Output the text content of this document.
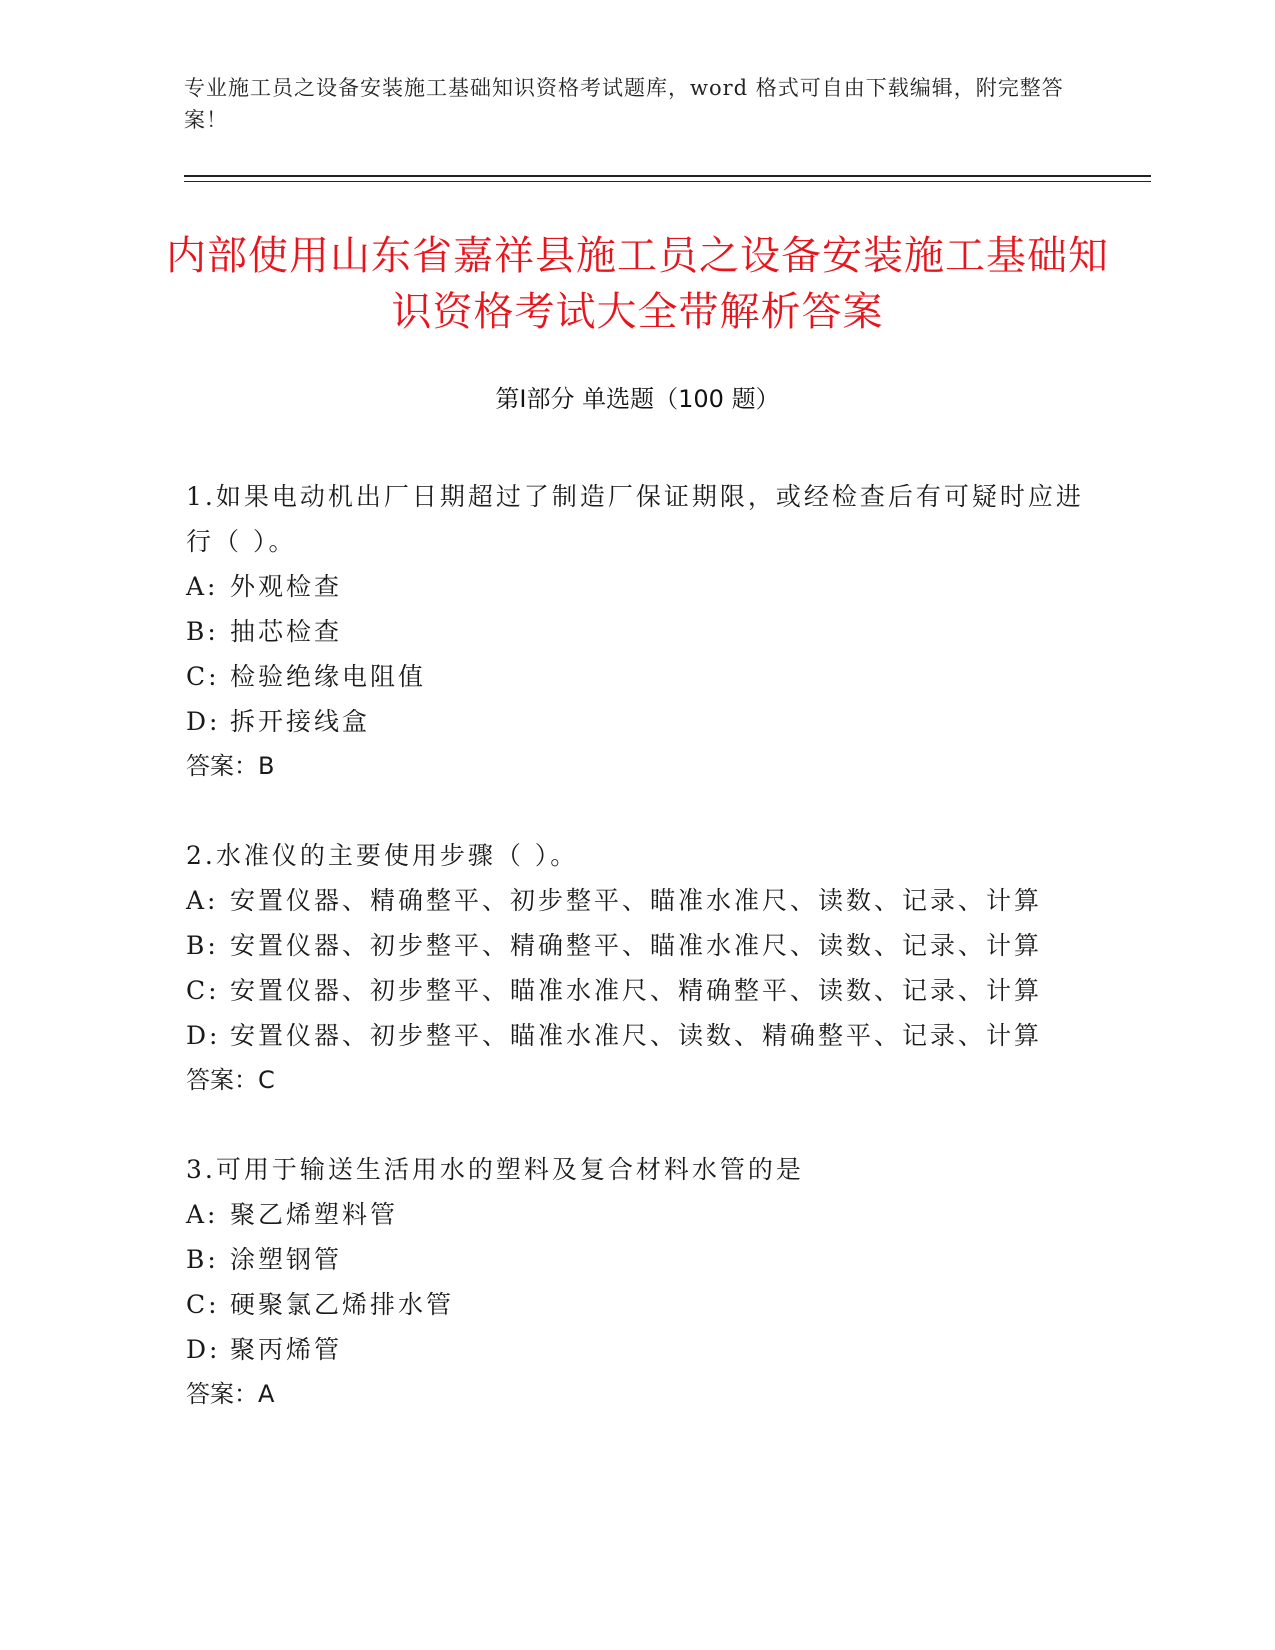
专业施工员之设备安装施工基础知识资格考试题库，word 格式可自由下载编辑，附完整答案！
内部使用山东省嘉祥县施工员之设备安装施工基础知识资格考试大全带解析答案
第Ⅰ部分 单选题（100 题）

1.如果电动机出厂日期超过了制造厂保证期限，或经检查后有可疑时应进行（ ）。

A: 外观检查

B: 抽芯检查

C: 检验绝缘电阻值

D: 拆开接线盒

答案：B

2.水准仪的主要使用步骤（ ）。

A: 安置仪器、精确整平、初步整平、瞄准水准尺、读数、记录、计算

B: 安置仪器、初步整平、精确整平、瞄准水准尺、读数、记录、计算

C: 安置仪器、初步整平、瞄准水准尺、精确整平、读数、记录、计算

D: 安置仪器、初步整平、瞄准水准尺、读数、精确整平、记录、计算

答案：C

3.可用于输送生活用水的塑料及复合材料水管的是

A: 聚乙烯塑料管

B: 涂塑钢管

C: 硬聚氯乙烯排水管

D: 聚丙烯管

答案：A
